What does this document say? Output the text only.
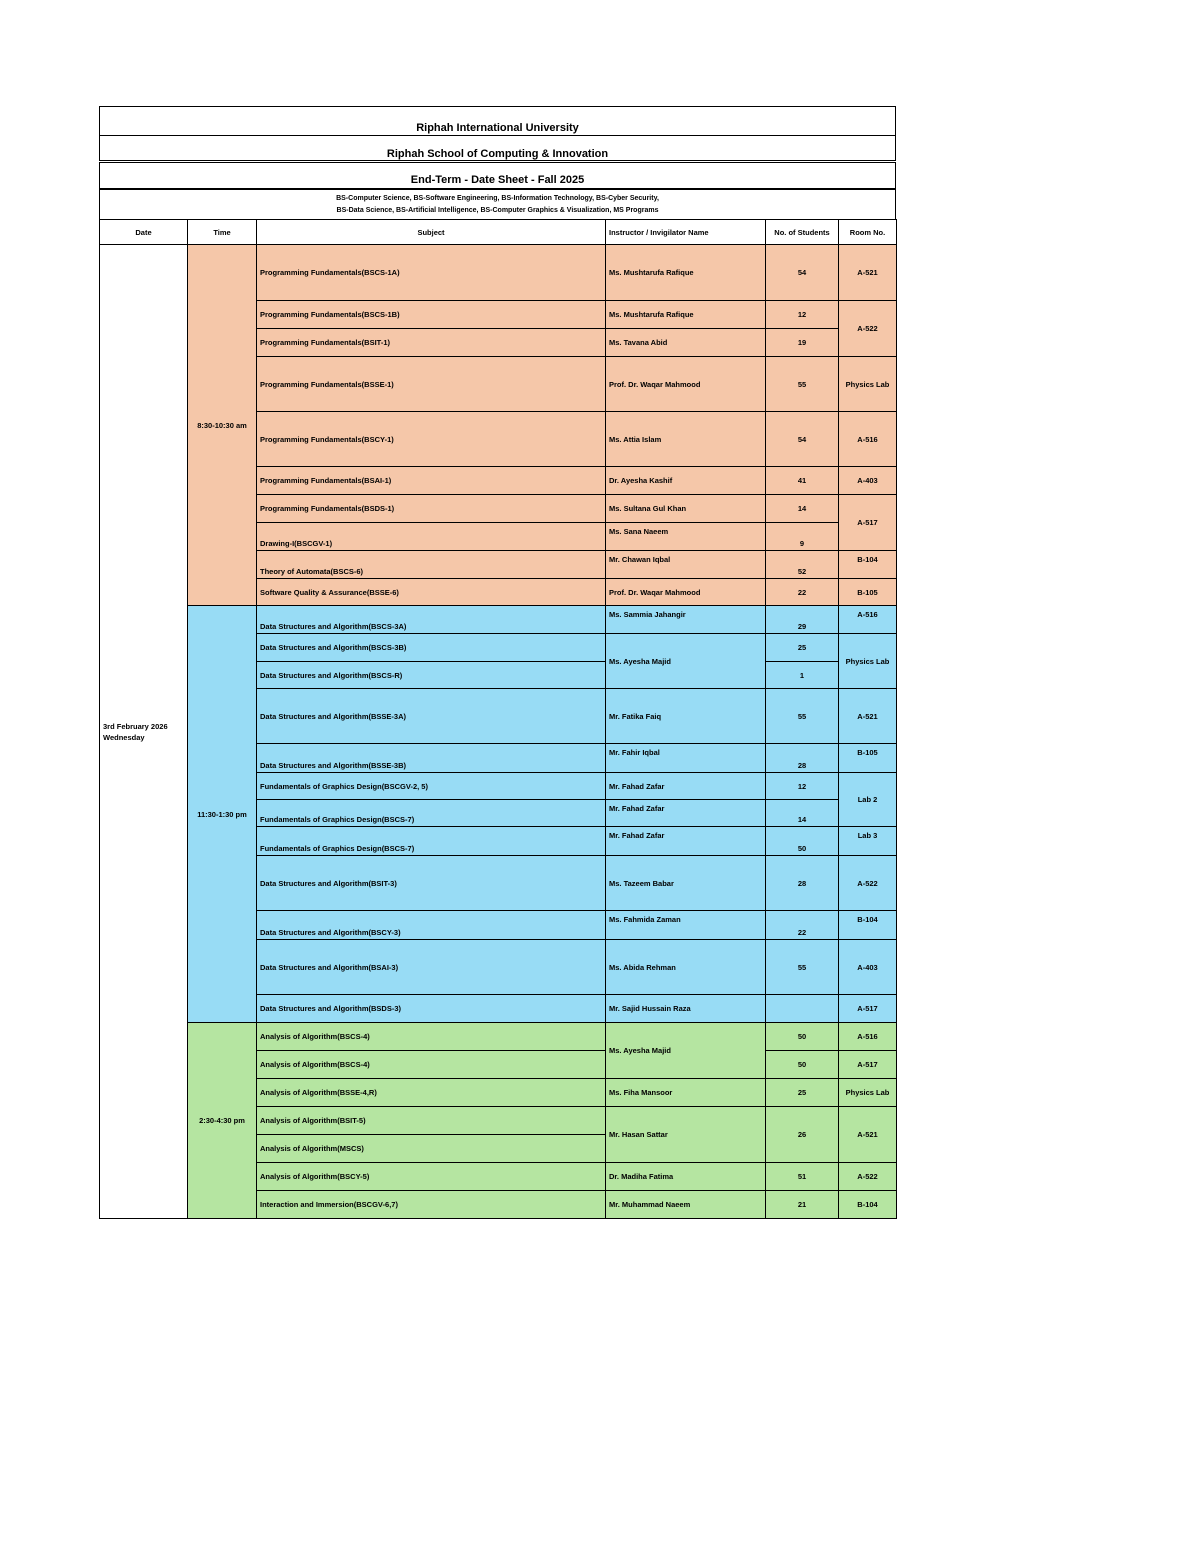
Riphah International University
Riphah School of Computing & Innovation
End-Term - Date Sheet - Fall 2025
BS-Computer Science, BS-Software Engineering, BS-Information Technology, BS-Cyber Security,
BS-Data Science, BS-Artificial Intelligence, BS-Computer Graphics & Visualization, MS Programs
Date	Time	Subject	Instructor / Invigilator Name	No. of Students	Room No.

3rd February 2026
Wednesday	8:30-10:30 am	Programming Fundamentals(BSCS-1A)	Ms. Mushtarufa Rafique	54	A-521
		Programming Fundamentals(BSCS-1B)	Ms. Mushtarufa Rafique	12	A-522
		Programming Fundamentals(BSIT-1)	Ms. Tavana Abid	19	
		Programming Fundamentals(BSSE-1)	Prof. Dr. Waqar Mahmood	55	Physics Lab
		Programming Fundamentals(BSCY-1)	Ms. Attia Islam	54	A-516
		Programming Fundamentals(BSAI-1)	Dr. Ayesha Kashif	41	A-403
		Programming Fundamentals(BSDS-1)	Ms. Sultana Gul Khan	14	A-517
		Drawing-I(BSCGV-1)	Ms. Sana Naeem	9	
		Theory of Automata(BSCS-6)	Mr. Chawan Iqbal	52	B-104
		Software Quality & Assurance(BSSE-6)	Prof. Dr. Waqar Mahmood	22	B-105
	11:30-1:30 pm	Data Structures and Algorithm(BSCS-3A)	Ms. Sammia Jahangir	29	A-516
		Data Structures and Algorithm(BSCS-3B)	Ms. Ayesha Majid	25	Physics Lab
		Data Structures and Algorithm(BSCS-R)		1	
		Data Structures and Algorithm(BSSE-3A)	Mr. Fatika Faiq	55	A-521
		Data Structures and Algorithm(BSSE-3B)	Mr. Fahir Iqbal	28	B-105
		Fundamentals of Graphics Design(BSCGV-2, 5)	Mr. Fahad Zafar	12	Lab 2
		Fundamentals of Graphics Design(BSCS-7)	Mr. Fahad Zafar	14	
		Fundamentals of Graphics Design(BSCS-7)	Mr. Fahad Zafar	50	Lab 3
		Data Structures and Algorithm(BSIT-3)	Ms. Tazeem Babar	28	A-522
		Data Structures and Algorithm(BSCY-3)	Ms. Fahmida Zaman	22	B-104
		Data Structures and Algorithm(BSAI-3)	Ms. Abida Rehman	55	A-403
		Data Structures and Algorithm(BSDS-3)	Mr. Sajid Hussain Raza		A-517
	2:30-4:30 pm	Analysis of Algorithm(BSCS-4)	Ms. Ayesha Majid	50	A-516
		Analysis of Algorithm(BSCS-4)		50	A-517
		Analysis of Algorithm(BSSE-4,R)	Ms. Fiha Mansoor	25	Physics Lab
		Analysis of Algorithm(BSIT-5)	Mr. Hasan Sattar	26	A-521
		Analysis of Algorithm(MSCS)			
		Analysis of Algorithm(BSCY-5)	Dr. Madiha Fatima	51	A-522
		Interaction and Immersion(BSCGV-6,7)	Mr. Muhammad Naeem	21	B-104
